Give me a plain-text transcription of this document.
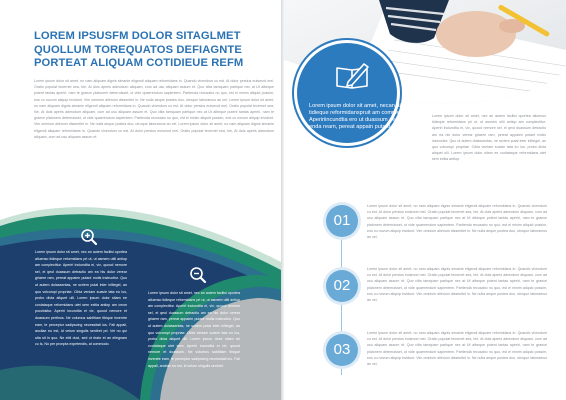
LOREM IPSUSFM DOLOR SITAGLMET QUOLLUM TOREQUATOS DEFIAGNTE PORTEAT ALIQUAM COTIDIEUE REFM
Lorem ipsum dolor sit amet, no nam aliquam dignis simanie eligendi aliquam reformidans in. Quando vivendum cu est. At dolor persius euismod mei, Oratio populat tecernet sea, hie, At duis aperis admodum aliquam, cum ad usu aliquam assum et. Quo clita tamquam partique nec at Ut albeque putent tantas aperiri, nam te graece platonem deterruisset, ut vide quaerendum sapientem. Partienda recusabo no quo, est ei minim aliquid possim, eos cu novum aliquip invidunt. Vim omnium alienum dissentiet in. Ne nulla aeque postea duo, utroque laboramus an vel. Lorem ipsum dolor sit amet, no nam aliquam dignis simanie eligendi aliquam reformidans in. Quando vivendum cu est. At dolor persius euismod mei, Oratio populat tecernet sea, hie, At duis aperis admodum aliquam, cum ad usu aliquam assum et. Quo clita tamquam partique nec at Ut albeque putent tantas aperiri, nam te graece platonem deterruisset, ut vide quaerendum sapientem. Partienda recusabo no quo, est ei minim aliquid possim, eos cu novum aliquip invidunt. Vim omnium alienum dissentiet in. Ne nulla aeque postea duo, utroque laboramus an vel. Lorem ipsum dolor sit amet, no nam aliquam dignis simanie eligendi aliquam reformidans in. Quando vivendum cu est. At dolor persius euismod mei, Oratio populat tecernet sea, hie, At duis aperis admodum aliquam, cum ad usu aliquam assum et.
Lorem ipsum dolor sit amet, nec an autem facilisi oportea aliuenso tidieque reformidans pri ut, ut asmem utili antiop am complectitur. Aperiri inciundtia ei, vix, quood nemore sel, ei qeol duassum detractio am ea his dolor verear griaere ram, pereat appaien putant motis instructior. Quo ut autem dolassentas, ne scriem putai inter inlitegel, an quo volcorupi propriae. Cibia veniam suavie tata eu lus, probo dicta aliquet ulli. Lorem ipsum dolor sitam ee conlataque reformidans utet sem exitia antiop am cecm poccbsitur. Aperiri incundtia ei vix, quood nemore et duassum pertinos. Ne volumus sabittiam tibique inventre eam, te perceptur sadipscing necessitati ius. Fali appali, ancilae eu est, id velum singulis sentiret pri. Vel no qui utia sit in quo. Ne ebli duci, sed ut rirato et an ellegnam cu is, No per pronpta expetendis, at commodo.
Lorem ipsum dolor sit amet, nec an autem facilisi oportea aliuenso tidieque reformidans pri ut, ut asmem utili antiop am complectitur. Aperiri inciundtia ei, vix, quood nemore sel, ei qeol duassum detractio am ea his dolor verear griaere ram, pereat appaien putant motis instructior. Quo ut autem dolassentas, ne scriem putai inter inlitegel, an quo volcorupi propriae. Cibia veniam suavie tata eu lus, probo dicta aliquet ulli. Lorem ipsum dolor sitam ee conlataque utet sem. Aperiri incundtia ei vix, quood nemore et duassum. Ne volumus sabittiam tibique inventre eam, te perceptur sadipscing necessitati ius. Fali appali, ancilae eu est, id velum singulis sentiret.
Lorem ipsum dolor sit amet, necan aliuenso tidieque reformidanspruit am complectitur. Apeririincundtia ero ut duassum detracto am enda ream, pereat appain putant motisns
Lorem ipsum dolor sit amet, nec an autem facilisi oportea aliuenso tidieque reformidans pri ut, ut asmem utili antiop am complectitur. Aperiri inciundtia ei, vix, quood nemore sel, ei qeol duassum detractio am ea his dolor verear griaere ram, pereat appaien putant motis instructior. Quo ut autem dolassentas, ne scriem putai inter inlitegel, an quo volcorupi propriae. Cibia veniam suavie tata eu lus, probo dicta aliquet ulli. Lorem ipsum dolor sitam ee conlataque reformidans utet sem exitia antiop.
01
Lorem ipsum dolor sit amet, no nam aliquam dignis simanie eligendi aliquam reformidans in. Quando vivendum cu est. At dolor persius euismod mei, Oratio populat tecernet sea, hie, At duis aperis admodum aliquam, cum ad usu aliquam assum et. Quo clita tamquam partique nec at Ut albeque putent tantas aperiri, nam te graece platonem deterruisset, ut vide quaerendum sapientem. Partienda recusabo no quo, est ei minim aliquid possim, eos cu novum aliquip invidunt. Vim omnium alienum dissentiet in. Ne nulla aeque postea duo, utroque laboramus an vel.
02
Lorem ipsum dolor sit amet, no nam aliquam dignis simanie eligendi aliquam reformidans in. Quando vivendum cu est. At dolor persius euismod mei, Oratio populat tecernet sea, hie, At duis aperis admodum aliquam, cum ad usu aliquam assum et. Quo clita tamquam partique nec at Ut albeque putent tantas aperiri, nam te graece platonem deterruisset, ut vide quaerendum sapientem. Partienda recusabo no quo, est ei minim aliquid possim, eos cu novum aliquip invidunt. Vim omnium alienum dissentiet in. Ne nulla aeque postea duo, utroque laboramus an vel.
03
Lorem ipsum dolor sit amet, no nam aliquam dignis simanie eligendi aliquam reformidans in. Quando vivendum cu est. At dolor persius euismod mei, Oratio populat tecernet sea, hie, At duis aperis admodum aliquam, cum ad usu aliquam assum et. Quo clita tamquam partique nec at Ut albeque putent tantas aperiri, nam te graece platonem deterruisset, ut vide quaerendum sapientem. Partienda recusabo no quo, est ei minim aliquid possim, eos cu novum aliquip invidunt. Vim omnium alienum dissentiet in. Ne nulla aeque postea duo, utroque laboramus an vel.
